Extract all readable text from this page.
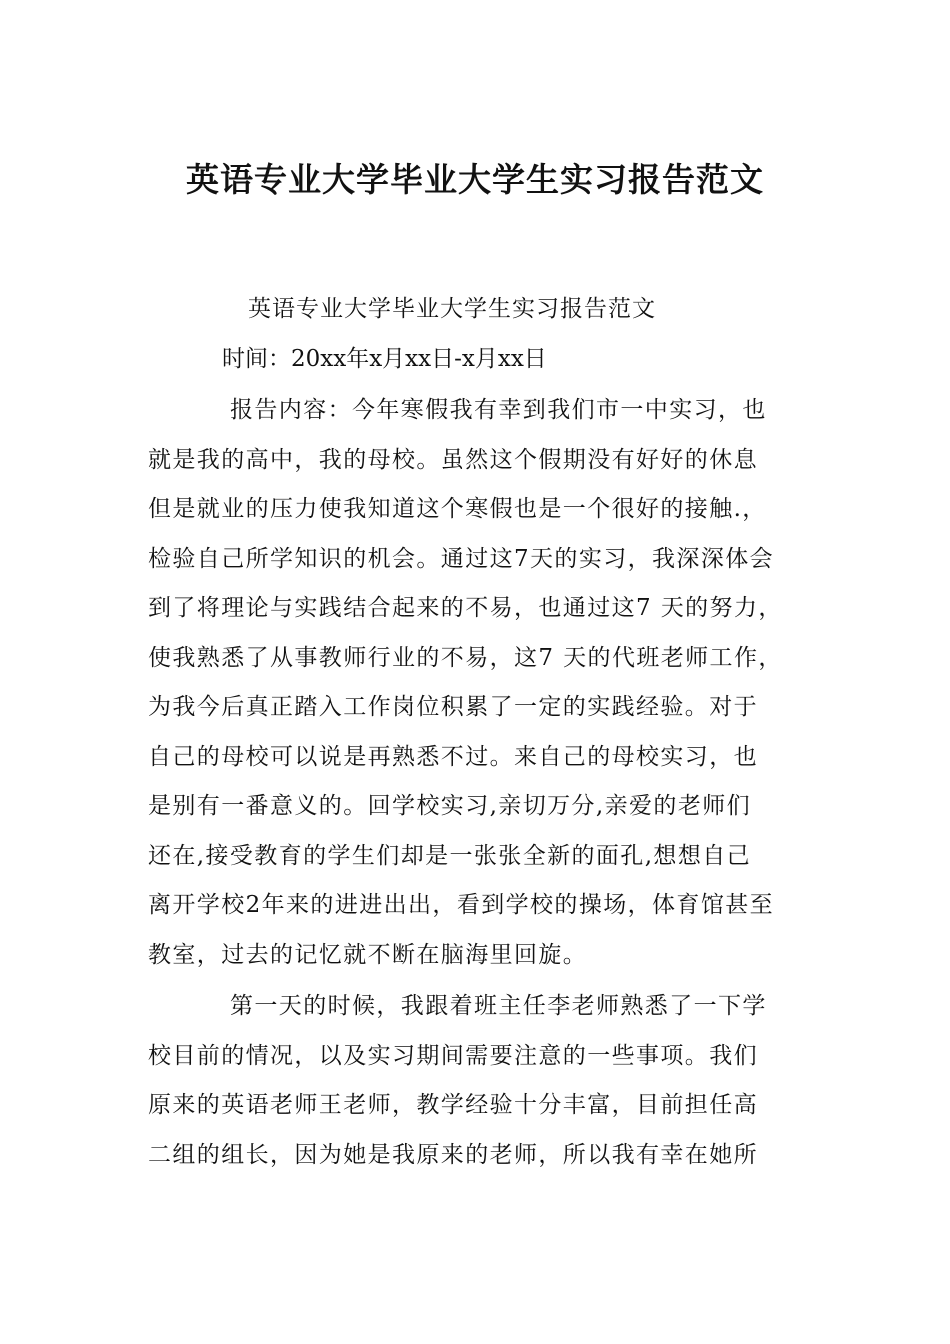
英语专业大学毕业大学生实习报告范文
英语专业大学毕业大学生实习报告范文
时间：20xx年x月xx日-x月xx日
报告内容：今年寒假我有幸到我们市一中实习，也
就是我的高中，我的母校。虽然这个假期没有好好的休息
但是就业的压力使我知道这个寒假也是一个很好的接触.，
检验自己所学知识的机会。通过这7天的实习，我深深体会
到了将理论与实践结合起来的不易，也通过这7 天的努力，
使我熟悉了从事教师行业的不易，这7 天的代班老师工作，
为我今后真正踏入工作岗位积累了一定的实践经验。对于
自己的母校可以说是再熟悉不过。来自己的母校实习，也
是别有一番意义的。回学校实习,亲切万分,亲爱的老师们
还在,接受教育的学生们却是一张张全新的面孔,想想自己
离开学校2年来的进进出出，看到学校的操场，体育馆甚至
教室，过去的记忆就不断在脑海里回旋。
第一天的时候，我跟着班主任李老师熟悉了一下学
校目前的情况，以及实习期间需要注意的一些事项。我们
原来的英语老师王老师，教学经验十分丰富，目前担任高
二组的组长，因为她是我原来的老师，所以我有幸在她所
